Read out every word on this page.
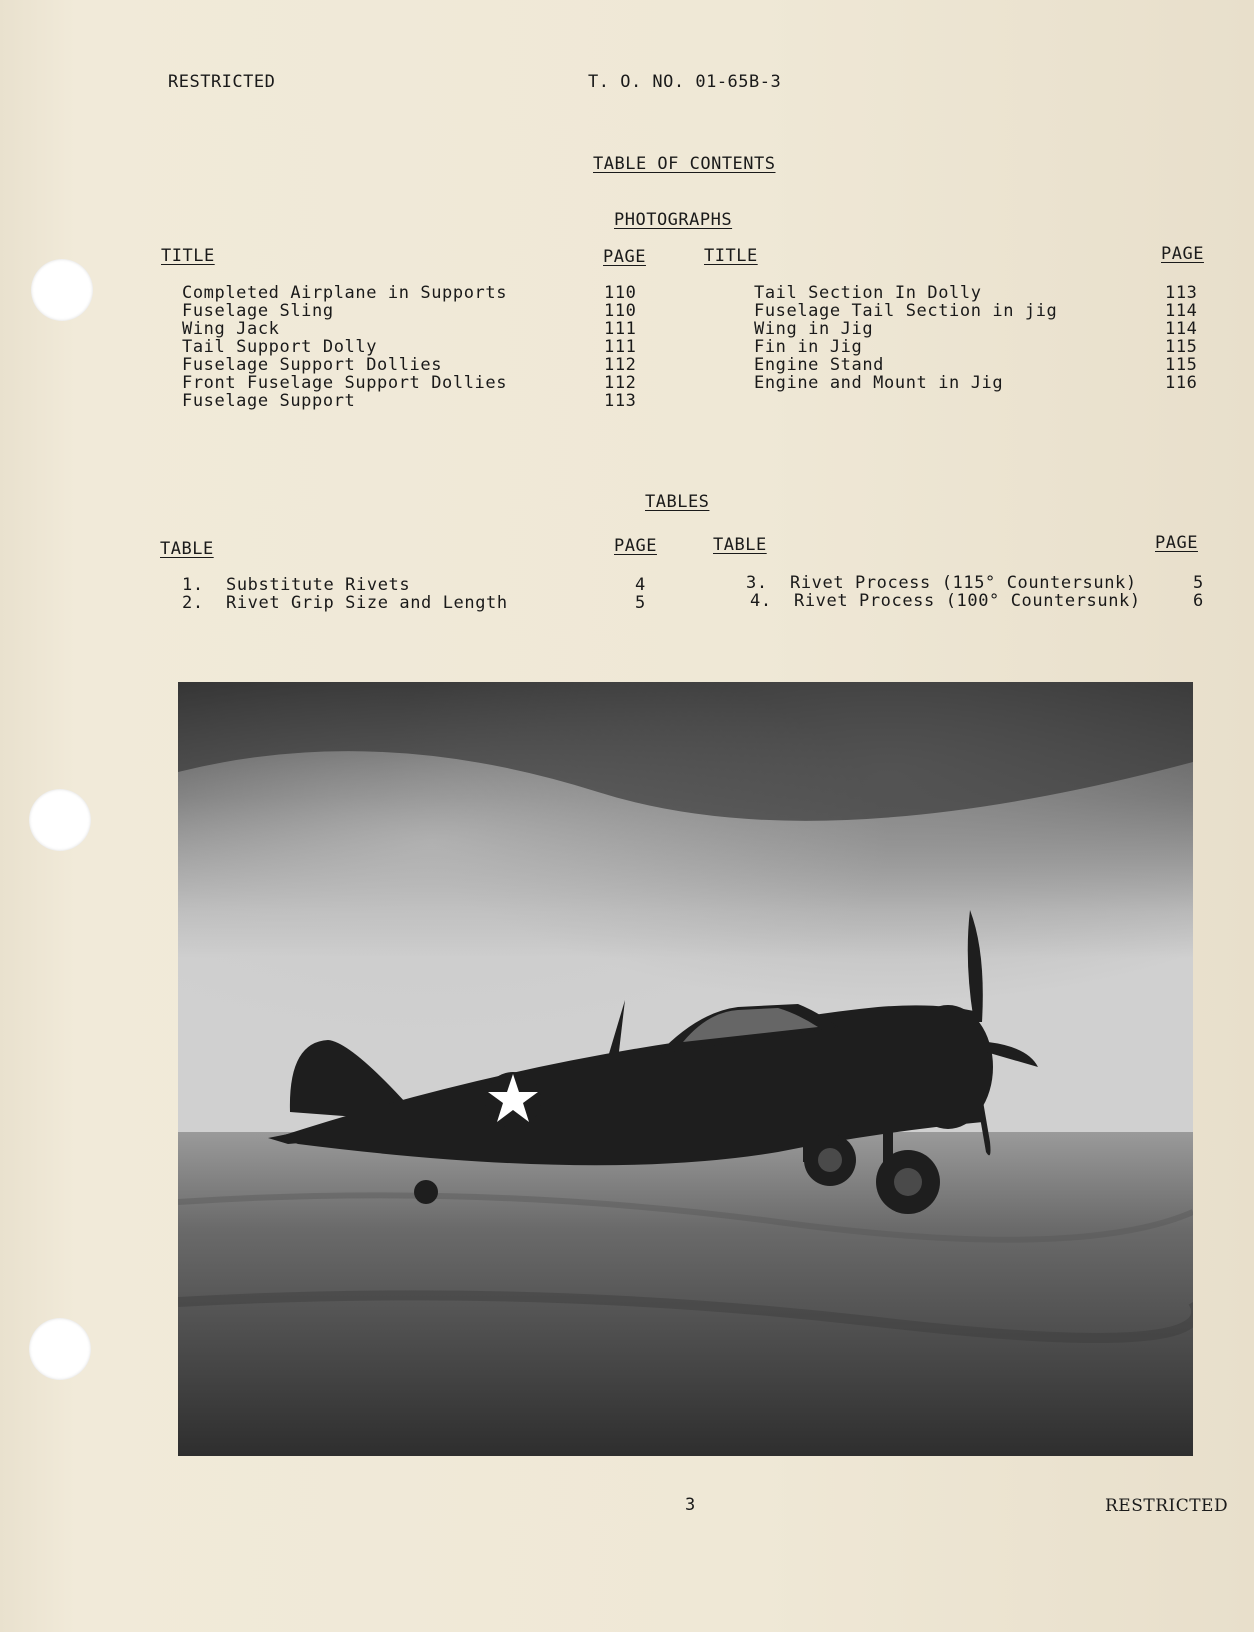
RESTRICTED	T. O. NO. 01-65B-3
TABLE OF CONTENTS
PHOTOGRAPHS
TITLE	PAGE	TITLE	PAGE
Completed Airplane in Supports	110
Fuselage Sling	110
Wing Jack	111
Tail Support Dolly	111
Fuselage Support Dollies	112
Front Fuselage Support Dollies	112
Fuselage Support	113
Tail Section In Dolly	113
Fuselage Tail Section in jig	114
Wing in Jig	114
Fin in Jig	115
Engine Stand	115
Engine and Mount in Jig	116
TABLES
TABLE	PAGE	TABLE	PAGE
1. Substitute Rivets	4
2. Rivet Grip Size and Length	5
3. Rivet Process (115° Countersunk)	5
4. Rivet Process (100° Countersunk)	6
3	RESTRICTED
